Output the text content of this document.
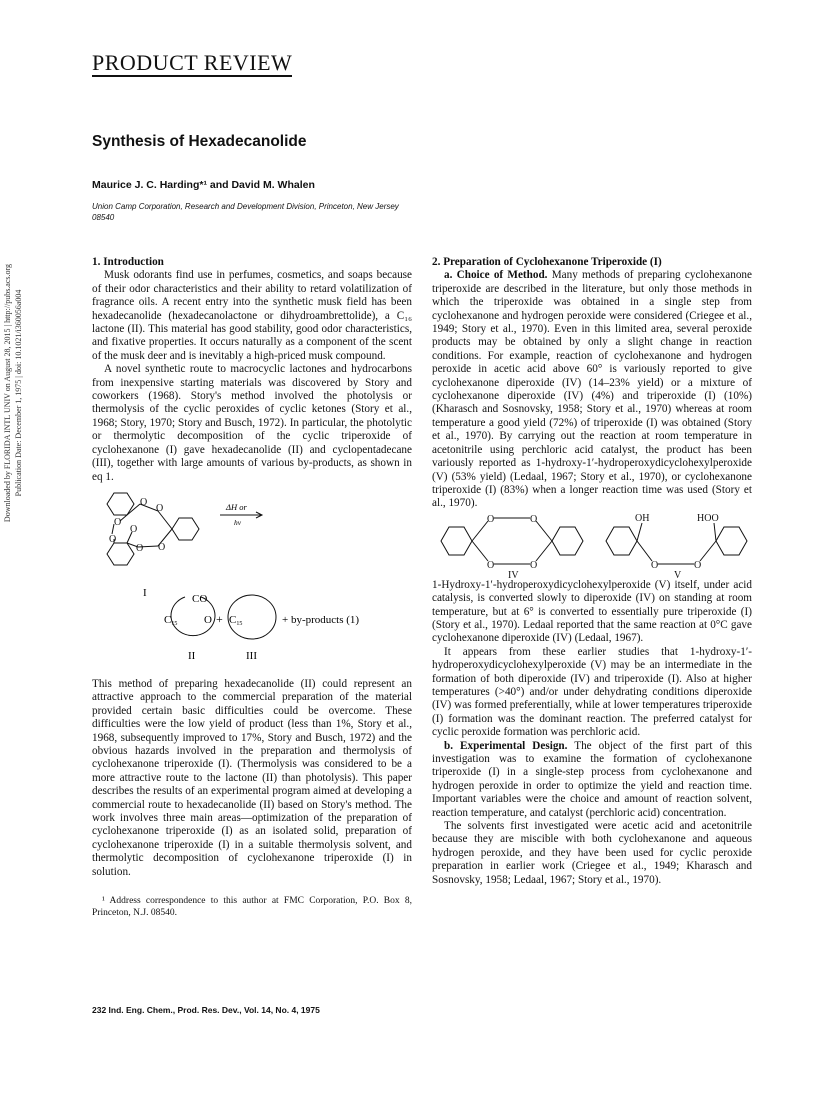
PRODUCT REVIEW
Synthesis of Hexadecanolide
Maurice J. C. Harding*¹ and David M. Whalen
Union Camp Corporation, Research and Development Division, Princeton, New Jersey 08540
Downloaded by FLORIDA INTL UNIV on August 28, 2015 | http://pubs.acs.org Publication Date: December 1, 1975 | doi: 10.1021/i360056a004
1. Introduction

Musk odorants find use in perfumes, cosmetics, and soaps because of their odor characteristics and their ability to retard volatilization of fragrance oils. A recent entry into the synthetic musk field has been hexadecanolide (hexadecanolactone or dihydroambrettolide), a C₁₆ lactone (II). This material has good stability, good odor characteristics, and fixative properties. It occurs naturally as a component of the scent of the musk deer and is inevitably a high-priced musk compound.

A novel synthetic route to macrocyclic lactones and hydrocarbons from inexpensive starting materials was discovered by Story and coworkers (1968). Story's method involved the photolysis or thermolysis of the cyclic peroxides of cyclic ketones (Story et al., 1968; Story, 1970; Story and Busch, 1972). In particular, the photolytic or thermolytic decomposition of the cyclic triperoxide of cyclohexanone (I) gave hexadecanolide (II) and cyclopentadecane (III), together with large amounts of various by-products, as shown in eq 1.

O
O
O
O
O
O O
ΔH or
hν
I	CO
C15 O + C15	+ by-products (1)
II	III

This method of preparing hexadecanolide (II) could represent an attractive approach to the commercial preparation of the material provided certain basic difficulties could be overcome. These difficulties were the low yield of product (less than 1%, Story et al., 1968, subsequently improved to 17%, Story and Busch, 1972) and the obvious hazards involved in the preparation and thermolysis of cyclohexanone triperoxide (I). (Thermolysis was considered to be a more attractive route to the lactone (II) than photolysis). This paper describes the results of an experimental program aimed at developing a commercial route to hexadecanolide (II) based on Story's method. The work involves three main areas—optimization of the preparation of cyclohexanone triperoxide (I) as an isolated solid, preparation of cyclohexanone triperoxide (I) in a suitable thermolysis solvent, and thermolytic decomposition of cyclohexanone triperoxide (I) in solution.

¹ Address correspondence to this author at FMC Corporation, P.O. Box 8, Princeton, N.J. 08540.
2. Preparation of Cyclohexanone Triperoxide (I)

a. Choice of Method. Many methods of preparing cyclohexanone triperoxide are described in the literature, but only those methods in which the triperoxide was obtained in a single step from cyclohexanone and hydrogen peroxide were considered (Criegee et al., 1949; Story et al., 1970). Even in this limited area, several peroxide products may be obtained by only a slight change in reaction conditions. For example, reaction of cyclohexanone and hydrogen peroxide in acetic acid above 60° is variously reported to give cyclohexanone diperoxide (IV) (14–23% yield) or a mixture of cyclohexanone diperoxide (IV) (4%) and triperoxide (I) (10%) (Kharasch and Sosnovsky, 1958; Story et al., 1970) whereas at room temperature a good yield (72%) of triperoxide (I) was obtained (Story et al., 1970). By carrying out the reaction at room temperature in acetonitrile using perchloric acid catalyst, the product has been variously reported as 1-hydroxy-1′-hydroperoxydicyclohexylperoxide (V) (53% yield) (Ledaal, 1967; Story et al., 1970), or cyclohexanone triperoxide (I) (83%) when a longer reaction time was used (Story et al., 1970).

O	O
O	O
OH	HOO
O	O
IV	V

1-Hydroxy-1′-hydroperoxydicyclohexylperoxide (V) itself, under acid catalysis, is converted slowly to diperoxide (IV) on standing at room temperature, but at 6° is converted to essentially pure triperoxide (I) (Story et al., 1970). Ledaal reported that the same reaction at 0°C gave cyclohexanone diperoxide (IV) (Ledaal, 1967).

It appears from these earlier studies that 1-hydroxy-1′-hydroperoxydicyclohexylperoxide (V) may be an intermediate in the formation of both diperoxide (IV) and triperoxide (I). Also at higher temperatures (>40°) and/or under dehydrating conditions diperoxide (IV) was formed preferentially, while at lower temperatures triperoxide (I) formation was the dominant reaction. The preferred catalyst for cyclic peroxide formation was perchloric acid.

b. Experimental Design. The object of the first part of this investigation was to examine the formation of cyclohexanone triperoxide (I) in a single-step process from cyclohexanone and hydrogen peroxide in order to optimize the yield and reaction time. Important variables were the choice and amount of reaction solvent, reaction temperature, and catalyst (perchloric acid) concentration.

The solvents first investigated were acetic acid and acetonitrile because they are miscible with both cyclohexanone and aqueous hydrogen peroxide, and they have been used for cyclic peroxide preparation in earlier work (Criegee et al., 1949; Kharasch and Sosnovsky, 1958; Ledaal, 1967; Story et al., 1970).

232 Ind. Eng. Chem., Prod. Res. Dev., Vol. 14, No. 4, 1975
